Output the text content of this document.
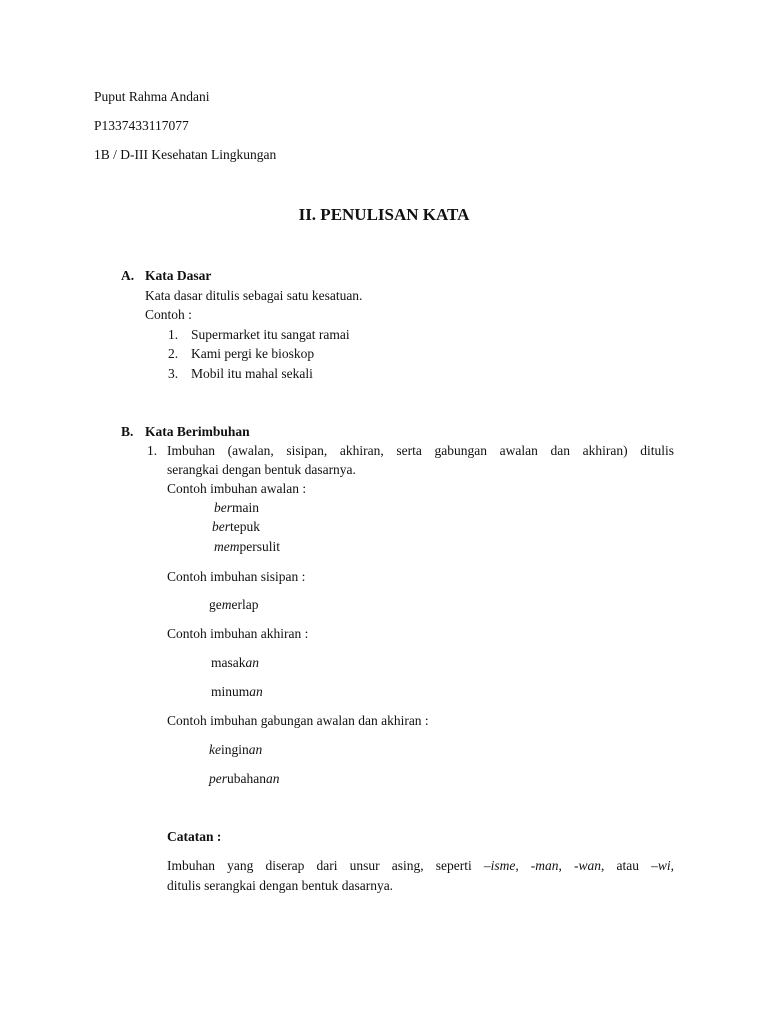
Puput Rahma Andani
P1337433117077
1B / D-III Kesehatan Lingkungan
II. PENULISAN KATA
A. Kata Dasar
Kata dasar ditulis sebagai satu kesatuan.
Contoh :
1. Supermarket itu sangat ramai
2. Kami pergi ke bioskop
3. Mobil itu mahal sekali
B. Kata Berimbuhan
1. Imbuhan (awalan, sisipan, akhiran, serta gabungan awalan dan akhiran) ditulis
serangkai dengan bentuk dasarnya.
Contoh imbuhan awalan :
bermain
bertepuk
mempersulit
Contoh imbuhan sisipan :
gemerlap
Contoh imbuhan akhiran :
masakan
minuman
Contoh imbuhan gabungan awalan dan akhiran :
keinginan
perubahanan
Catatan :
Imbuhan yang diserap dari unsur asing, seperti –isme, -man, -wan, atau –wi,
ditulis serangkai dengan bentuk dasarnya.
